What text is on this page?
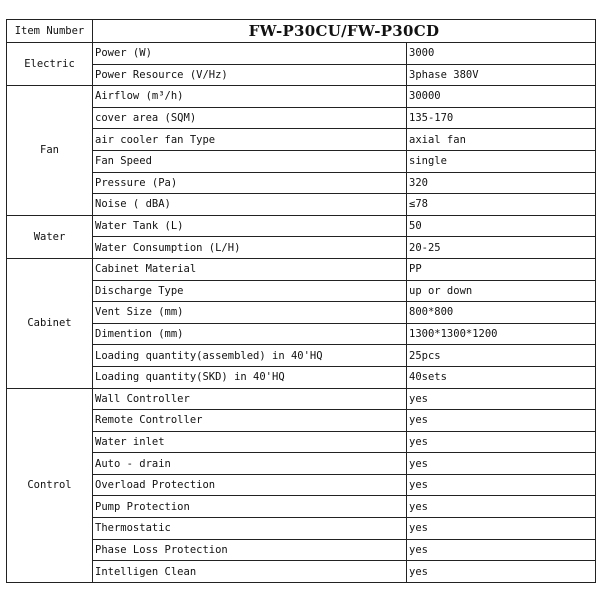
Item Number	FW-P30CU/FW-P30CD	
Electric	Power (W)	3000
	Power Resource (V/Hz)	3phase 380V
Fan	Airflow (m³/h)	30000
	cover area (SQM)	135-170
	air cooler fan Type	axial fan
	Fan Speed	single
	Pressure (Pa)	320
	Noise ( dBA)	≤78
Water	Water Tank (L)	50
	Water Consumption (L/H)	20-25
Cabinet	Cabinet Material	PP
	Discharge Type	up or down
	Vent Size (mm)	800*800
	Dimention (mm)	1300*1300*1200
	Loading quantity(assembled) in 40'HQ	25pcs
	Loading quantity(SKD) in 40'HQ	40sets
Control	Wall Controller	yes
	Remote Controller	yes
	Water inlet	yes
	Auto - drain	yes
	Overload Protection	yes
	Pump Protection	yes
	Thermostatic	yes
	Phase Loss Protection	yes
	Intelligen Clean	yes
